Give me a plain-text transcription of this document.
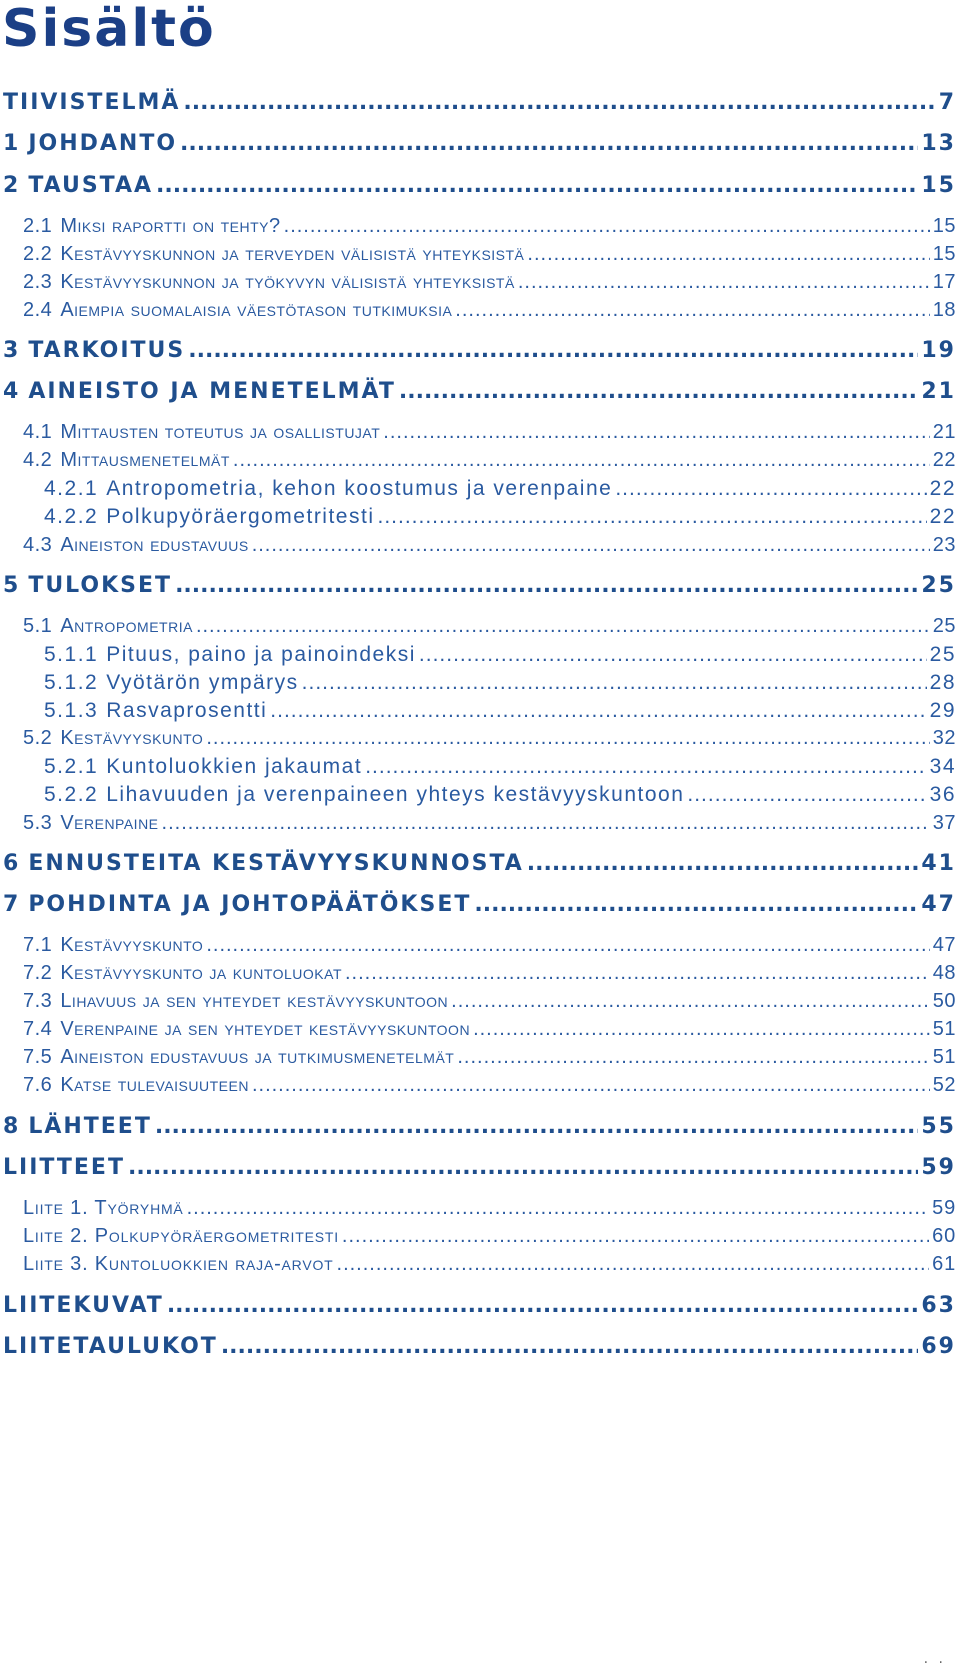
Sisältö
TIIVISTELMÄ .....	7
1 JOHDANTO .....	13
2 TAUSTAA .....	15
2.1 Miksi raportti on tehty? .....	15
2.2 Kestävyyskunnon ja terveyden välisistä yhteyksistä .....	15
2.3 Kestävyyskunnon ja työkyvyn välisistä yhteyksistä .....	17
2.4 Aiempia suomalaisia väestötason tutkimuksia .....	18
3 TARKOITUS .....	19
4 AINEISTO JA MENETELMÄT .....	21
4.1 Mittausten toteutus ja osallistujat .....	21
4.2 Mittausmenetelmät .....	22
4.2.1 Antropometria, kehon koostumus ja verenpaine .....	22
4.2.2 Polkupyöräergometritesti .....	22
4.3 Aineiston edustavuus .....	23
5 TULOKSET .....	25
5.1 Antropometria .....	25
5.1.1 Pituus, paino ja painoindeksi .....	25
5.1.2 Vyötärön ympärys .....	28
5.1.3 Rasvaprosentti .....	29
5.2 Kestävyyskunto .....	32
5.2.1 Kuntoluokkien jakaumat .....	34
5.2.2 Lihavuuden ja verenpaineen yhteys kestävyyskuntoon .....	36
5.3 Verenpaine .....	37
6 ENNUSTEITA KESTÄVYYSKUNNOSTA .....	41
7 POHDINTA JA JOHTOPÄÄTÖKSET .....	47
7.1 Kestävyyskunto .....	47
7.2 Kestävyyskunto ja kuntoluokat .....	48
7.3 Lihavuus ja sen yhteydet kestävyyskuntoon .....	50
7.4 Verenpaine ja sen yhteydet kestävyyskuntoon .....	51
7.5 Aineiston edustavuus ja tutkimusmenetelmät .....	51
7.6 Katse tulevaisuuteen .....	52
8 LÄHTEET .....	55
LIITTEET .....	59
Liite 1. Työryhmä .....	59
Liite 2. Polkupyöräergometritesti .....	60
Liite 3. Kuntoluokkien raja-arvot .....	61
LIITEKUVAT .....	63
LIITETAULUKOT .....	69
. .
